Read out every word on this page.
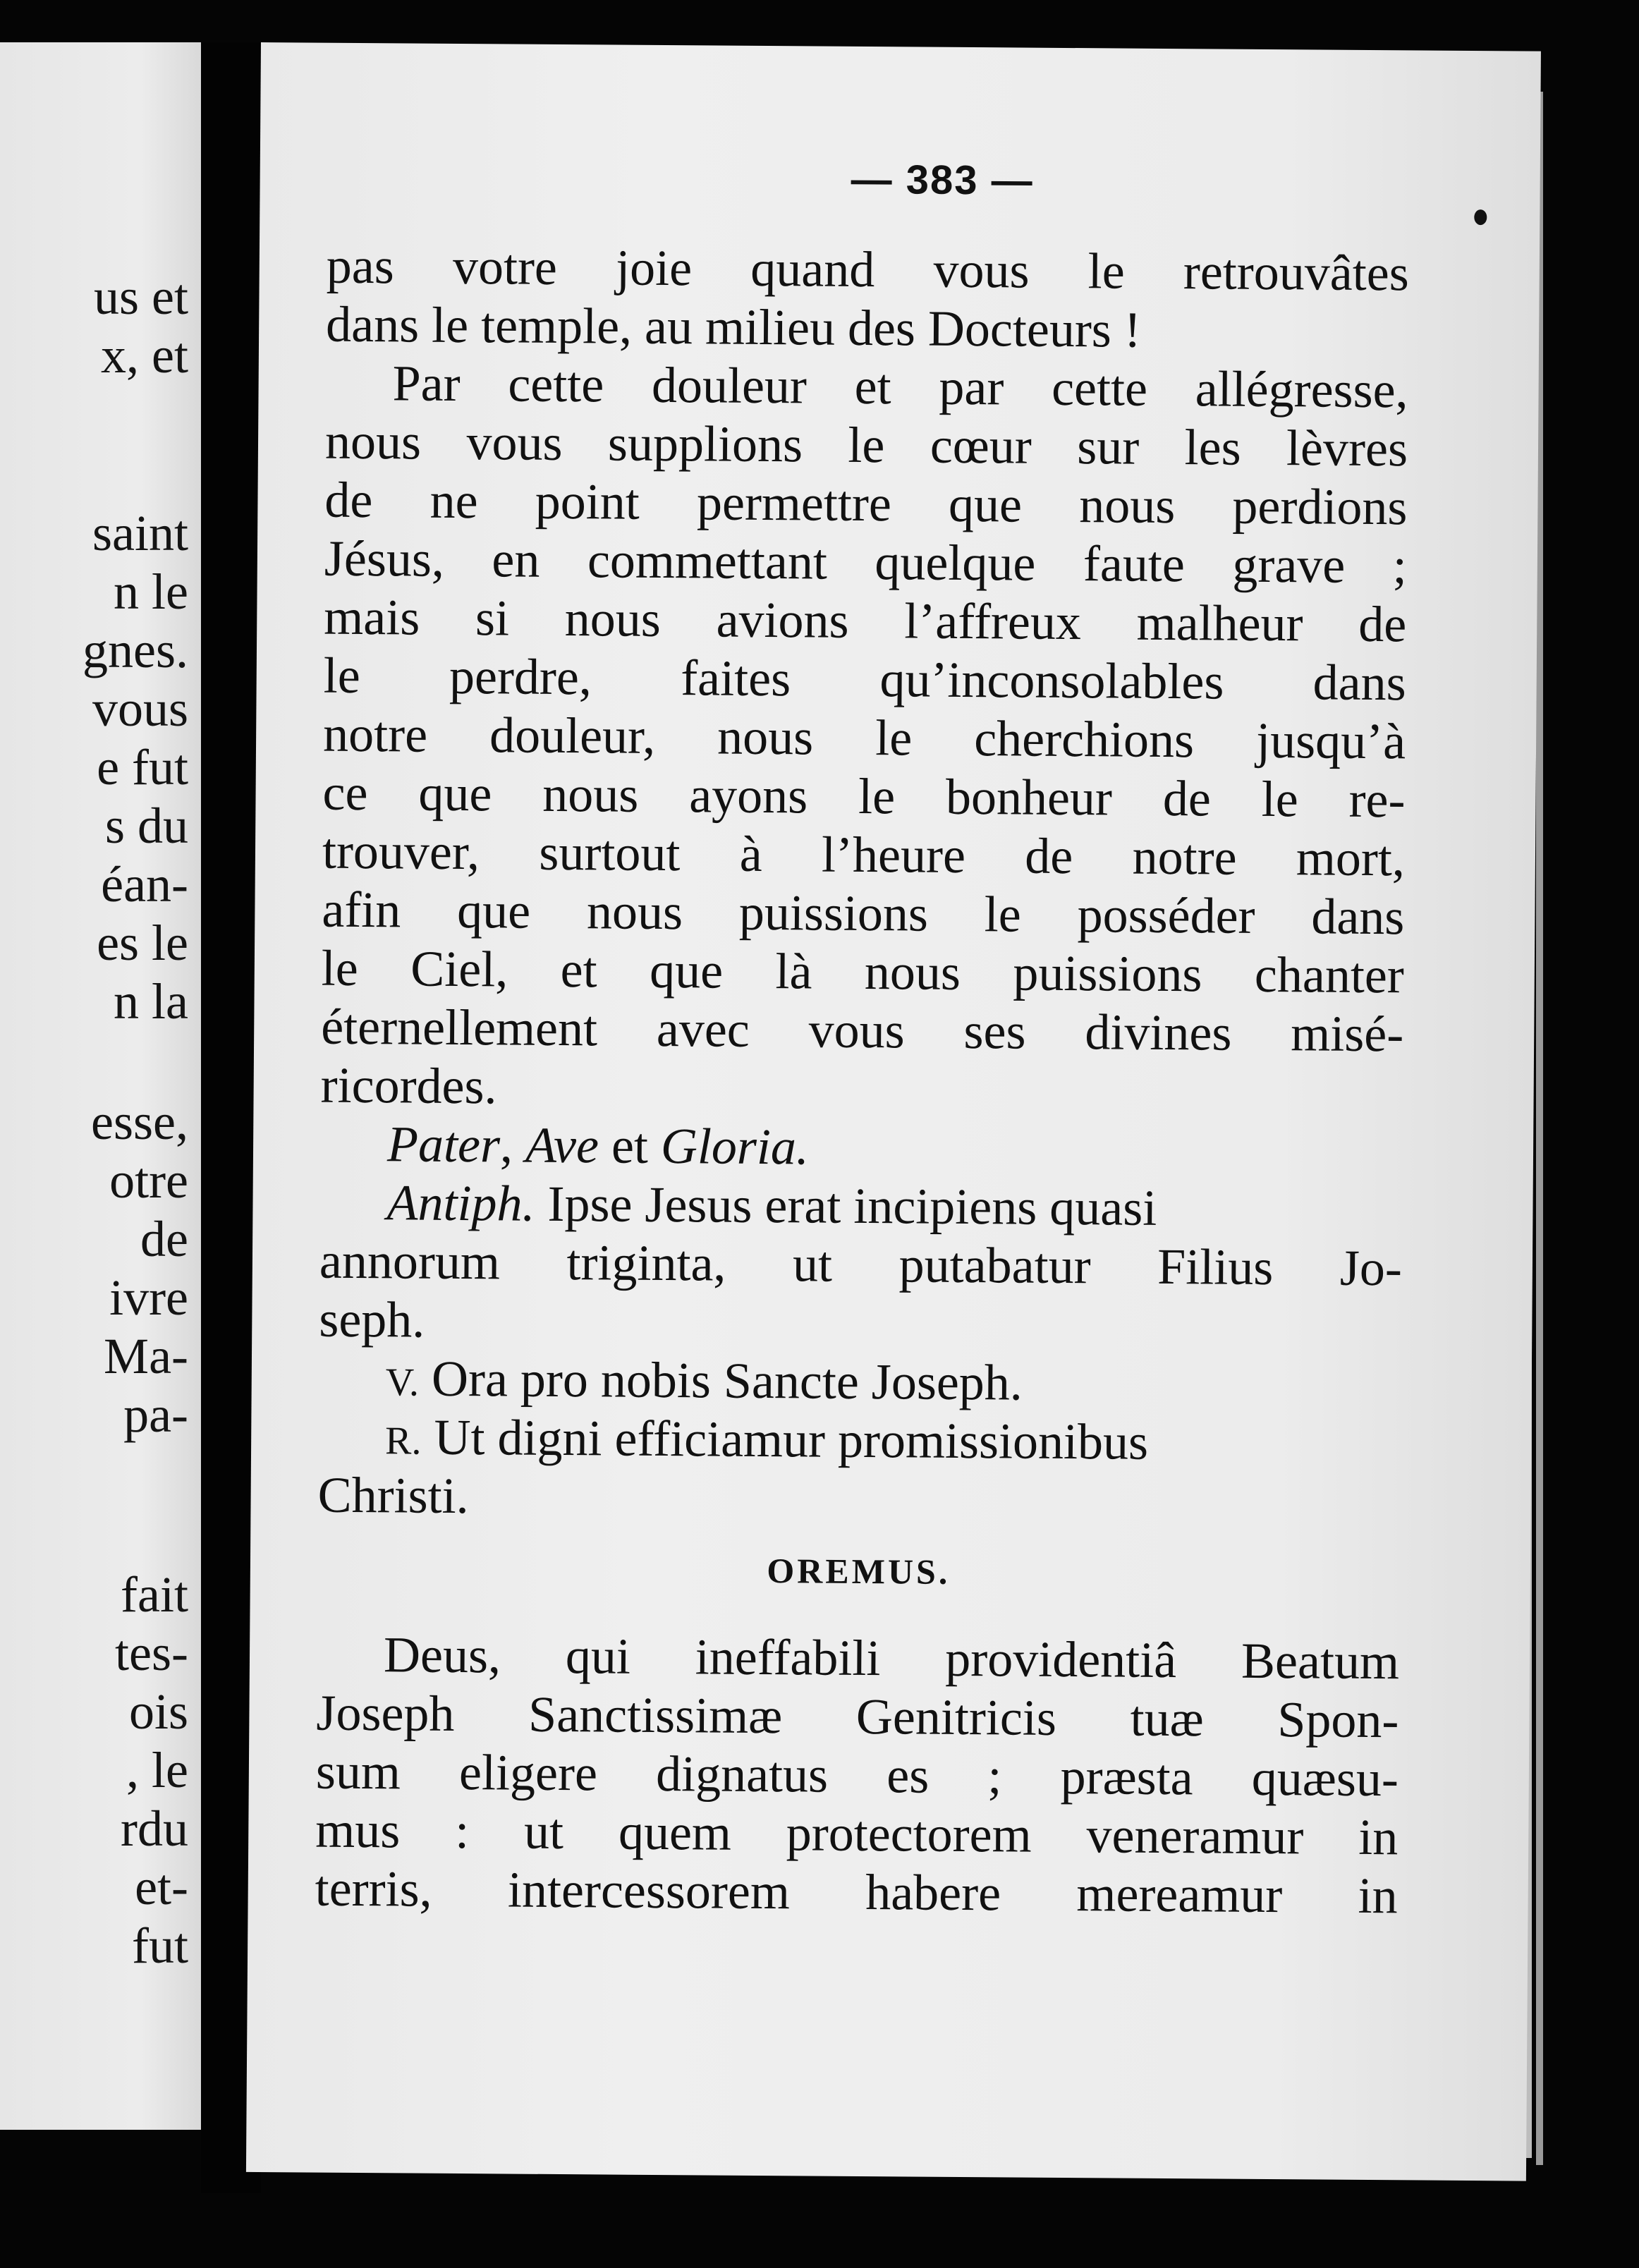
us et
x, et
saint
n le
gnes.
vous
e fut
s du
éan-
es le
n la
esse,
otre
de
ivre
Ma-
pa-
fait
tes-
ois
, le
rdu
et-
fut
— 383 —
pas votre joie quand vous le retrouvâtes
dans le temple, au milieu des Docteurs !
Par cette douleur et par cette allégresse,
nous vous supplions le cœur sur les lèvres
de ne point permettre que nous perdions
Jésus, en commettant quelque faute grave ;
mais si nous avions l’affreux malheur de
le perdre, faites qu’inconsolables dans
notre douleur, nous le cherchions jusqu’à
ce que nous ayons le bonheur de le re-
trouver, surtout à l’heure de notre mort,
afin que nous puissions le posséder dans
le Ciel, et que là nous puissions chanter
éternellement avec vous ses divines misé-
ricordes.
Pater, Ave et Gloria.
Antiph. Ipse Jesus erat incipiens quasi
annorum triginta, ut putabatur Filius Jo-
seph.
V. Ora pro nobis Sancte Joseph.
R. Ut digni efficiamur promissionibus
Christi.
OREMUS.
Deus, qui ineffabili providentiâ Beatum
Joseph Sanctissimæ Genitricis tuæ Spon-
sum eligere dignatus es ; præsta quæsu-
mus : ut quem protectorem veneramur in
terris, intercessorem habere mereamur in
